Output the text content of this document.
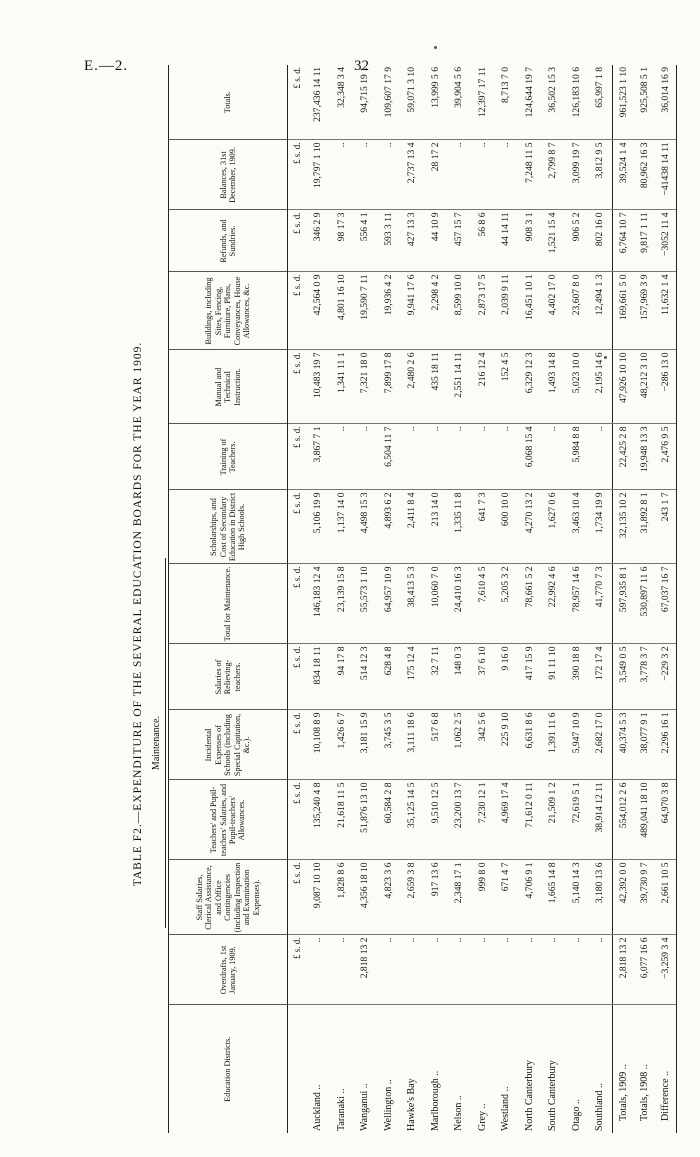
E.—2.	32
TABLE F2.—EXPENDITURE OF THE SEVERAL EDUCATION BOARDS FOR THE YEAR 1909. Maintenance.
Education Districts.	Overdrafts, 1st January, 1909.	Staff Salaries, Clerical Assistance, and Office Contingencies (including Inspection and Examination Expenses).	Teachers' and Pupil-teachers' Salaries, and Pupil-teachers' Allowances.	Incidental Expenses of Schools (including Special Capitation, &c.).	Salaries of Relieving-teachers.	Total for Maintenance.	Scholarships, and Cost of Secondary Education in District High Schools.	Training of Teachers.	Manual and Technical Instruction.	Buildings, including Sites, Fencing, Furniture, Plans, Conveyances, House Allowances, &c.	Refunds, and Sundries.	Balances, 31st December, 1909.	Totals.
	£ s. d.	£ s. d.	£ s. d.	£ s. d.	£ s. d.	£ s. d.	£ s. d.	£ s. d.	£ s. d.	£ s. d.	£ s. d.	£ s. d.	£ s. d.
Auckland ..	..	9,087 10 10	135,240 4 8	10,108 8 9	834 18 11	146,183 12 4	5,106 19 9	3,867 7 1	10,483 19 7	42,564 0 9	346 2 9	19,797 1 10	237,436 14 11
Taranaki ..	..	1,828 8 6	21,618 11 5	1,426 6 7	94 17 8	23,139 15 8	1,137 14 0	..	1,341 11 1	4,801 16 10	98 17 3	..	32,348 3 4
Wanganui ..	2,818 13 2	4,356 18 10	51,876 13 10	3,181 15 9	514 12 3	55,573 1 10	4,498 15 3	..	7,321 18 0	19,590 7 11	556 4 1	..	94,715 19 1
Wellington ..	..	4,823 3 6	60,584 2 8	3,745 3 5	628 4 8	64,957 10 9	4,893 6 2	6,504 11 7	7,899 17 8	19,936 4 2	593 3 11	..	109,607 17 9
Hawke's Bay	..	2,659 3 8	35,125 14 5	3,111 18 6	175 12 4	38,413 5 3	2,411 8 4	..	2,480 2 6	9,941 17 6	427 13 3	2,737 13 4	59,071 3 10
Marlborough ..	..	917 13 6	9,510 12 5	517 6 8	32 7 11	10,060 7 0	213 14 0	..	435 18 11	2,298 4 2	44 10 9	28 17 2	13,999 5 6
Nelson ..	..	2,348 17 1	23,200 13 7	1,062 2 5	148 0 3	24,410 16 3	1,335 11 8	..	2,551 14 11	8,599 10 0	457 15 7	..	39,904 5 6
Grey ..	..	999 8 0	7,230 12 1	342 5 6	37 6 10	7,610 4 5	641 7 3	..	216 12 4	2,873 17 5	56 8 6	..	12,397 17 11
Westland ..	..	671 4 7	4,969 17 4	225 9 10	9 16 0	5,205 3 2	600 10 0	..	152 4 5	2,039 9 11	44 14 11	..	8,713 7 0
North Canterbury	..	4,706 9 1	71,612 0 11	6,631 8 6	417 15 9	78,661 5 2	4,270 13 2	6,068 15 4	6,329 12 3	16,451 10 1	908 3 1	7,248 11 5	124,644 19 7
South Canterbury	..	1,665 14 8	21,509 1 2	1,391 11 6	91 11 10	22,992 4 6	1,627 0 6	..	1,493 14 8	4,402 17 0	1,521 15 4	2,799 8 7	36,502 15 3
Otago ..	..	5,140 14 3	72,619 5 1	5,947 10 9	390 18 8	78,957 14 6	3,463 10 4	5,984 8 8	5,023 10 0	23,607 8 0	906 5 2	3,099 19 7	126,183 10 6
Southland ..	..	3,180 13 6	38,914 12 11	2,682 17 0	172 17 4	41,770 7 3	1,734 19 9	..	2,195 14 6	12,494 1 3	802 16 0	3,812 9 5	65,997 1 8
Totals, 1909 ..	2,818 13 2	42,392 0 0	554,012 2 6	40,374 5 3	3,549 0 5	597,935 8 1	32,135 10 2	22,425 2 8	47,926 10 10	169,661 5 0	6,764 10 7	39,524 1 4	961,523 1 10
Totals, 1908 ..	6,077 16 6	39,730 9 7	489,041 18 10	38,077 9 1	3,778 3 7	530,897 11 6	31,892 8 1	19,948 13 3	48,212 3 10	157,969 3 9	9,817 1 11	80,962 16 3	925,508 5 1
Difference ..	−3,259 3 4	2,661 10 5	64,970 3 8	2,296 16 1	−229 3 2	67,037 16 7	243 1 7	2,476 9 5	−286 13 0	11,632 1 4	−3052 11 4	−41438 14 11	36,014 16 9
